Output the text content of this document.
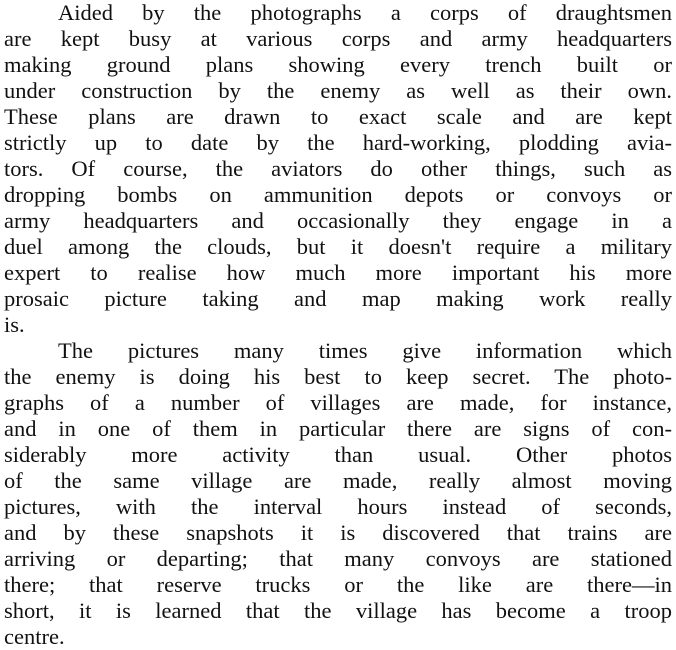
Aided by the photographs a corps of draughtsmen
are kept busy at various corps and army headquarters
making ground plans showing every trench built or
under construction by the enemy as well as their own.
These plans are drawn to exact scale and are kept
strictly up to date by the hard-working, plodding avia-
tors. Of course, the aviators do other things, such as
dropping bombs on ammunition depots or convoys or
army headquarters and occasionally they engage in a
duel among the clouds, but it doesn't require a military
expert to realise how much more important his more
prosaic picture taking and map making work really
is.
The pictures many times give information which
the enemy is doing his best to keep secret. The photo-
graphs of a number of villages are made, for instance,
and in one of them in particular there are signs of con-
siderably more activity than usual. Other photos
of the same village are made, really almost moving
pictures, with the interval hours instead of seconds,
and by these snapshots it is discovered that trains are
arriving or departing; that many convoys are stationed
there; that reserve trucks or the like are there—in
short, it is learned that the village has become a troop
centre.
